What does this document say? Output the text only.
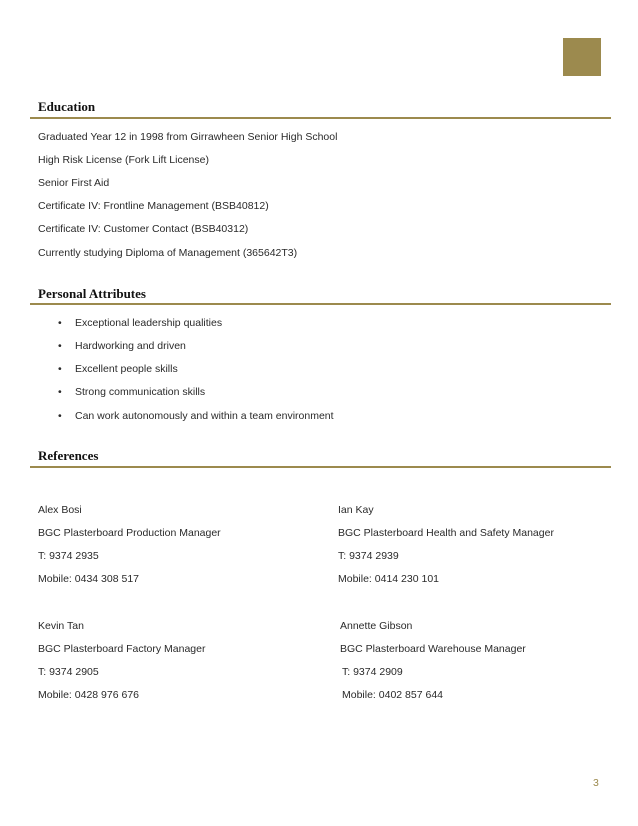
Education
Graduated Year 12 in 1998 from Girrawheen Senior High School
High Risk License (Fork Lift License)
Senior First Aid
Certificate IV: Frontline Management (BSB40812)
Certificate IV: Customer Contact (BSB40312)
Currently studying Diploma of Management (365642T3)
Personal Attributes
• Exceptional leadership qualities
• Hardworking and driven
• Excellent people skills
• Strong communication skills
• Can work autonomously and within a team environment
References
Alex Bosi
BGC Plasterboard Production Manager
T: 9374 2935
Mobile: 0434 308 517
Ian Kay
BGC Plasterboard Health and Safety Manager
T: 9374 2939
Mobile: 0414 230 101
Kevin Tan
BGC Plasterboard Factory Manager
T: 9374 2905
Mobile: 0428 976 676
Annette Gibson
BGC Plasterboard Warehouse Manager
T: 9374 2909
Mobile: 0402 857 644
3
